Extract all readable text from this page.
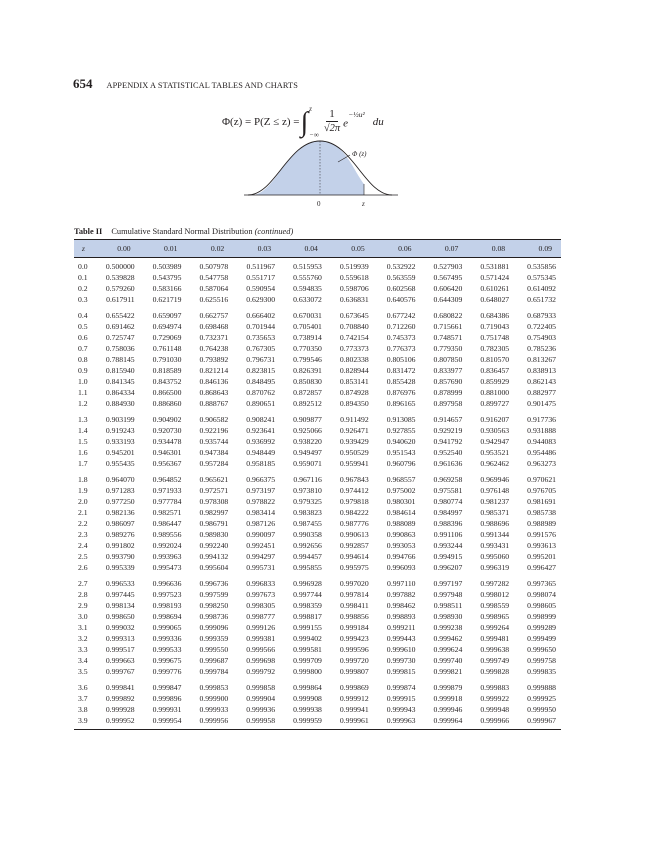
654 APPENDIX A STATISTICAL TABLES AND CHARTS
Φ(z) = P(Z ≤ z) = ∫ z
−∞ $\frac{1}{√2\pi} e^{-\frac{1}{2}u^2}$
du
Φ (z)
0	z
Table II Cumulative Standard Normal Distribution (continued)
z	0.00	0.01	0.02	0.03	0.04	0.05	0.06	0.07	0.08	0.09
0.0	0.500000	0.503989	0.507978	0.511967	0.515953	0.519939	0.532922	0.527903	0.531881	0.535856
0.1	0.539828	0.543795	0.547758	0.551717	0.555760	0.559618	0.563559	0.567495	0.571424	0.575345
0.2	0.579260	0.583166	0.587064	0.590954	0.594835	0.598706	0.602568	0.606420	0.610261	0.614092
0.3	0.617911	0.621719	0.625516	0.629300	0.633072	0.636831	0.640576	0.644309	0.648027	0.651732
0.4	0.655422	0.659097	0.662757	0.666402	0.670031	0.673645	0.677242	0.680822	0.684386	0.687933
0.5	0.691462	0.694974	0.698468	0.701944	0.705401	0.708840	0.712260	0.715661	0.719043	0.722405
0.6	0.725747	0.729069	0.732371	0.735653	0.738914	0.742154	0.745373	0.748571	0.751748	0.754903
0.7	0.758036	0.761148	0.764238	0.767305	0.770350	0.773373	0.776373	0.779350	0.782305	0.785236
0.8	0.788145	0.791030	0.793892	0.796731	0.799546	0.802338	0.805106	0.807850	0.810570	0.813267
0.9	0.815940	0.818589	0.821214	0.823815	0.826391	0.828944	0.831472	0.833977	0.836457	0.838913
1.0	0.841345	0.843752	0.846136	0.848495	0.850830	0.853141	0.855428	0.857690	0.859929	0.862143
1.1	0.864334	0.866500	0.868643	0.870762	0.872857	0.874928	0.876976	0.878999	0.881000	0.882977
1.2	0.884930	0.886860	0.888767	0.890651	0.892512	0.894350	0.896165	0.897958	0.899727	0.901475
1.3	0.903199	0.904902	0.906582	0.908241	0.909877	0.911492	0.913085	0.914657	0.916207	0.917736
1.4	0.919243	0.920730	0.922196	0.923641	0.925066	0.926471	0.927855	0.929219	0.930563	0.931888
1.5	0.933193	0.934478	0.935744	0.936992	0.938220	0.939429	0.940620	0.941792	0.942947	0.944083
1.6	0.945201	0.946301	0.947384	0.948449	0.949497	0.950529	0.951543	0.952540	0.953521	0.954486
1.7	0.955435	0.956367	0.957284	0.958185	0.959071	0.959941	0.960796	0.961636	0.962462	0.963273
1.8	0.964070	0.964852	0.965621	0.966375	0.967116	0.967843	0.968557	0.969258	0.969946	0.970621
1.9	0.971283	0.971933	0.972571	0.973197	0.973810	0.974412	0.975002	0.975581	0.976148	0.976705
2.0	0.977250	0.977784	0.978308	0.978822	0.979325	0.979818	0.980301	0.980774	0.981237	0.981691
2.1	0.982136	0.982571	0.982997	0.983414	0.983823	0.984222	0.984614	0.984997	0.985371	0.985738
2.2	0.986097	0.986447	0.986791	0.987126	0.987455	0.987776	0.988089	0.988396	0.988696	0.988989
2.3	0.989276	0.989556	0.989830	0.990097	0.990358	0.990613	0.990863	0.991106	0.991344	0.991576
2.4	0.991802	0.992024	0.992240	0.992451	0.992656	0.992857	0.993053	0.993244	0.993431	0.993613
2.5	0.993790	0.993963	0.994132	0.994297	0.994457	0.994614	0.994766	0.994915	0.995060	0.995201
2.6	0.995339	0.995473	0.995604	0.995731	0.995855	0.995975	0.996093	0.996207	0.996319	0.996427
2.7	0.996533	0.996636	0.996736	0.996833	0.996928	0.997020	0.997110	0.997197	0.997282	0.997365
2.8	0.997445	0.997523	0.997599	0.997673	0.997744	0.997814	0.997882	0.997948	0.998012	0.998074
2.9	0.998134	0.998193	0.998250	0.998305	0.998359	0.998411	0.998462	0.998511	0.998559	0.998605
3.0	0.998650	0.998694	0.998736	0.998777	0.998817	0.998856	0.998893	0.998930	0.998965	0.998999
3.1	0.999032	0.999065	0.999096	0.999126	0.999155	0.999184	0.999211	0.999238	0.999264	0.999289
3.2	0.999313	0.999336	0.999359	0.999381	0.999402	0.999423	0.999443	0.999462	0.999481	0.999499
3.3	0.999517	0.999533	0.999550	0.999566	0.999581	0.999596	0.999610	0.999624	0.999638	0.999650
3.4	0.999663	0.999675	0.999687	0.999698	0.999709	0.999720	0.999730	0.999740	0.999749	0.999758
3.5	0.999767	0.999776	0.999784	0.999792	0.999800	0.999807	0.999815	0.999821	0.999828	0.999835
3.6	0.999841	0.999847	0.999853	0.999858	0.999864	0.999869	0.999874	0.999879	0.999883	0.999888
3.7	0.999892	0.999896	0.999900	0.999904	0.999908	0.999912	0.999915	0.999918	0.999922	0.999925
3.8	0.999928	0.999931	0.999933	0.999936	0.999938	0.999941	0.999943	0.999946	0.999948	0.999950
3.9	0.999952	0.999954	0.999956	0.999958	0.999959	0.999961	0.999963	0.999964	0.999966	0.999967
